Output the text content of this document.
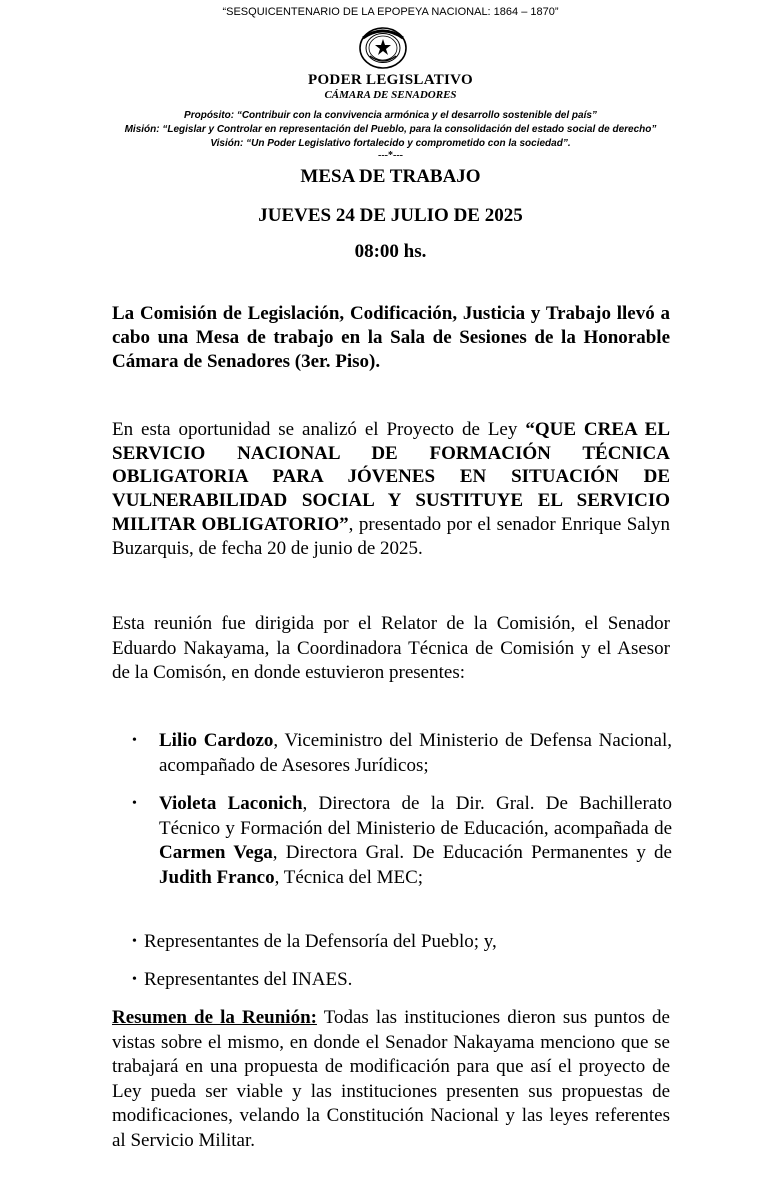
“SESQUICENTENARIO DE LA EPOPEYA NACIONAL: 1864 – 1870”
PODER LEGISLATIVO
CÁMARA DE SENADORES
Propósito: “Contribuir con la convivencia armónica y el desarrollo sostenible del país”
Misión: “Legislar y Controlar en representación del Pueblo, para la consolidación del estado social de derecho”
Visión: “Un Poder Legislativo fortalecido y comprometido con la sociedad”.
---*---
MESA DE TRABAJO
JUEVES 24 DE JULIO DE 2025
08:00 hs.

La Comisión de Legislación, Codificación, Justicia y Trabajo llevó a cabo una Mesa de trabajo en la Sala de Sesiones de la Honorable Cámara de Senadores (3er. Piso).

En esta oportunidad se analizó el Proyecto de Ley “QUE CREA EL SERVICIO NACIONAL DE FORMACIÓN TÉCNICA OBLIGATORIA PARA JÓVENES EN SITUACIÓN DE VULNERABILIDAD SOCIAL Y SUSTITUYE EL SERVICIO MILITAR OBLIGATORIO”, presentado por el senador Enrique Salyn Buzarquis, de fecha 20 de junio de 2025.

Esta reunión fue dirigida por el Relator de la Comisión, el Senador Eduardo Nakayama, la Coordinadora Técnica de Comisión y el Asesor de la Comisón, en donde estuvieron presentes:

•	Lilio Cardozo, Viceministro del Ministerio de Defensa Nacional, acompañado de Asesores Jurídicos;
•	Violeta Laconich, Directora de la Dir. Gral. De Bachillerato Técnico y Formación del Ministerio de Educación, acompañada de Carmen Vega, Directora Gral. De Educación Permanentes y de Judith Franco, Técnica del MEC;
• Representantes de la Defensoría del Pueblo; y,
• Representantes del INAES.

Resumen de la Reunión: Todas las instituciones dieron sus puntos de vistas sobre el mismo, en donde el Senador Nakayama menciono que se trabajará en una propuesta de modificación para que así el proyecto de Ley pueda ser viable y las instituciones presenten sus propuestas de modificaciones, velando la Constitución Nacional y las leyes referentes al Servicio Militar.
